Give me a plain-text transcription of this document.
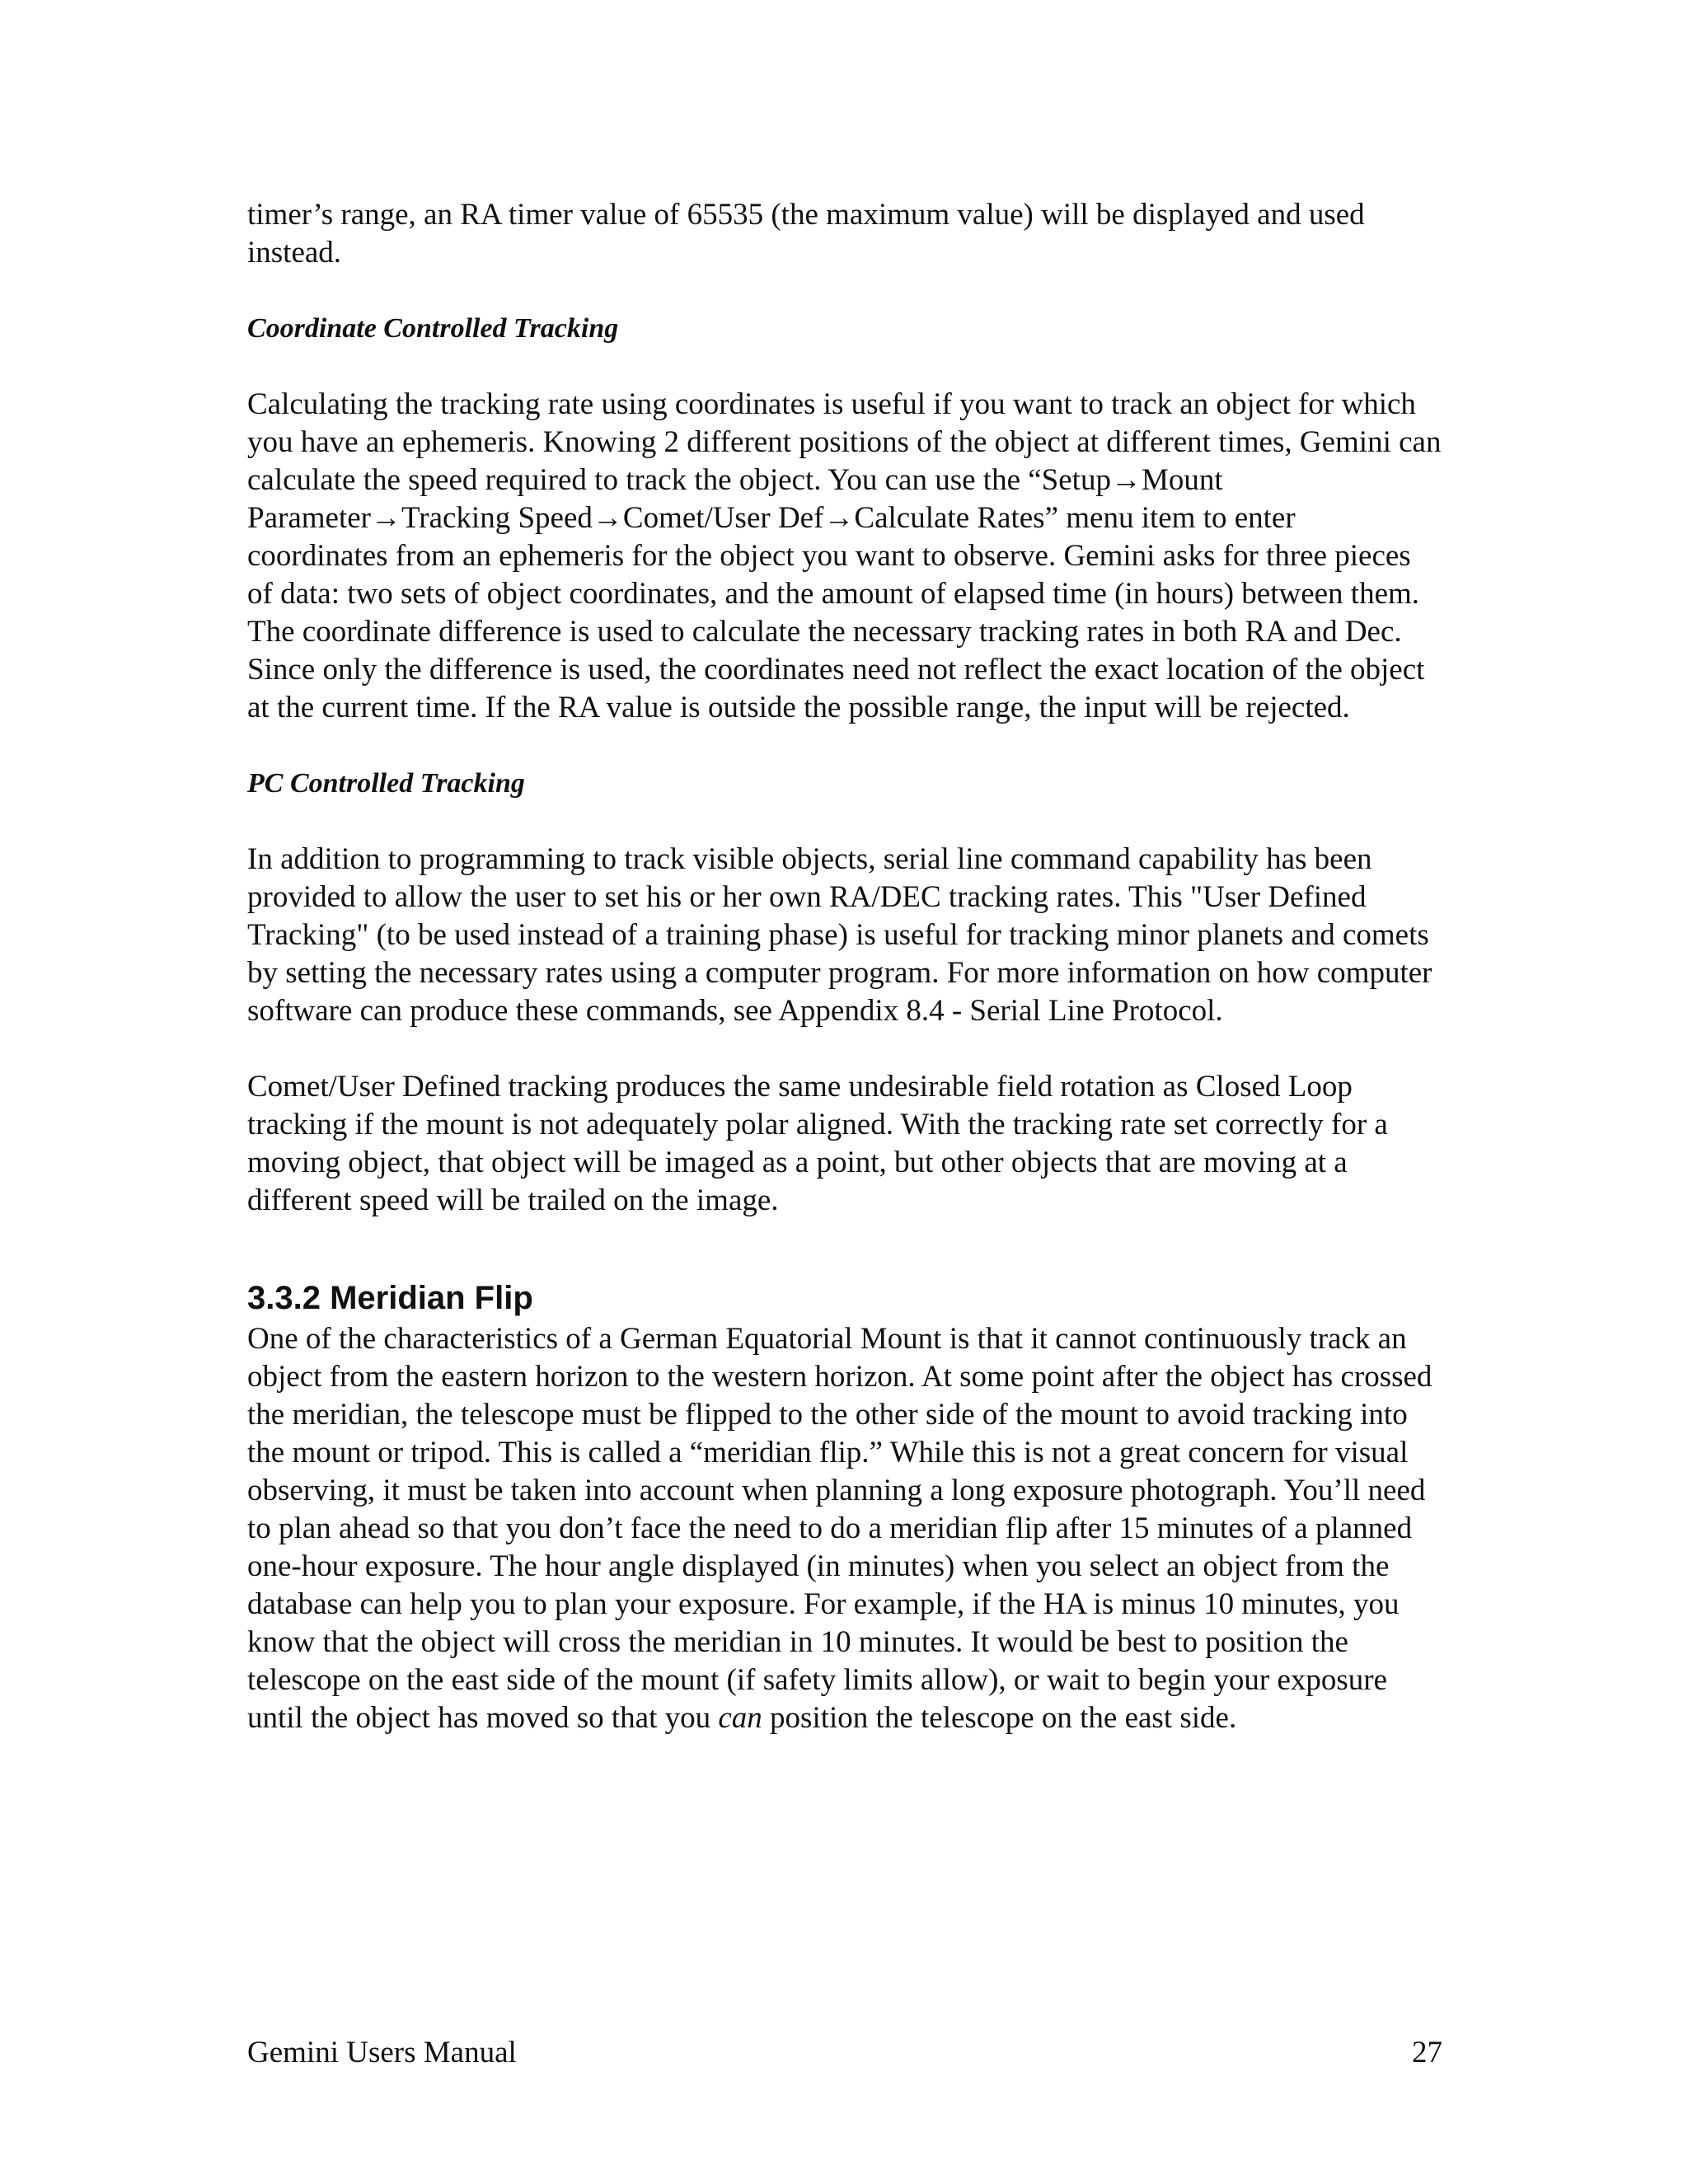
timer’s range, an RA timer value of 65535 (the maximum value) will be displayed and used instead.

Coordinate Controlled Tracking

Calculating the tracking rate using coordinates is useful if you want to track an object for which you have an ephemeris. Knowing 2 different positions of the object at different times, Gemini can calculate the speed required to track the object. You can use the “Setup→Mount Parameter→Tracking Speed→Comet/User Def→Calculate Rates” menu item to enter coordinates from an ephemeris for the object you want to observe. Gemini asks for three pieces of data: two sets of object coordinates, and the amount of elapsed time (in hours) between them. The coordinate difference is used to calculate the necessary tracking rates in both RA and Dec. Since only the difference is used, the coordinates need not reflect the exact location of the object at the current time. If the RA value is outside the possible range, the input will be rejected.

PC Controlled Tracking

In addition to programming to track visible objects, serial line command capability has been provided to allow the user to set his or her own RA/DEC tracking rates. This "User Defined Tracking" (to be used instead of a training phase) is useful for tracking minor planets and comets by setting the necessary rates using a computer program. For more information on how computer software can produce these commands, see Appendix 8.4 - Serial Line Protocol.

Comet/User Defined tracking produces the same undesirable field rotation as Closed Loop tracking if the mount is not adequately polar aligned. With the tracking rate set correctly for a moving object, that object will be imaged as a point, but other objects that are moving at a different speed will be trailed on the image.

3.3.2 Meridian Flip

One of the characteristics of a German Equatorial Mount is that it cannot continuously track an object from the eastern horizon to the western horizon. At some point after the object has crossed the meridian, the telescope must be flipped to the other side of the mount to avoid tracking into the mount or tripod. This is called a “meridian flip.” While this is not a great concern for visual observing, it must be taken into account when planning a long exposure photograph. You’ll need to plan ahead so that you don’t face the need to do a meridian flip after 15 minutes of a planned one-hour exposure. The hour angle displayed (in minutes) when you select an object from the database can help you to plan your exposure. For example, if the HA is minus 10 minutes, you know that the object will cross the meridian in 10 minutes. It would be best to position the telescope on the east side of the mount (if safety limits allow), or wait to begin your exposure until the object has moved so that you can position the telescope on the east side.

Gemini Users Manual	27
